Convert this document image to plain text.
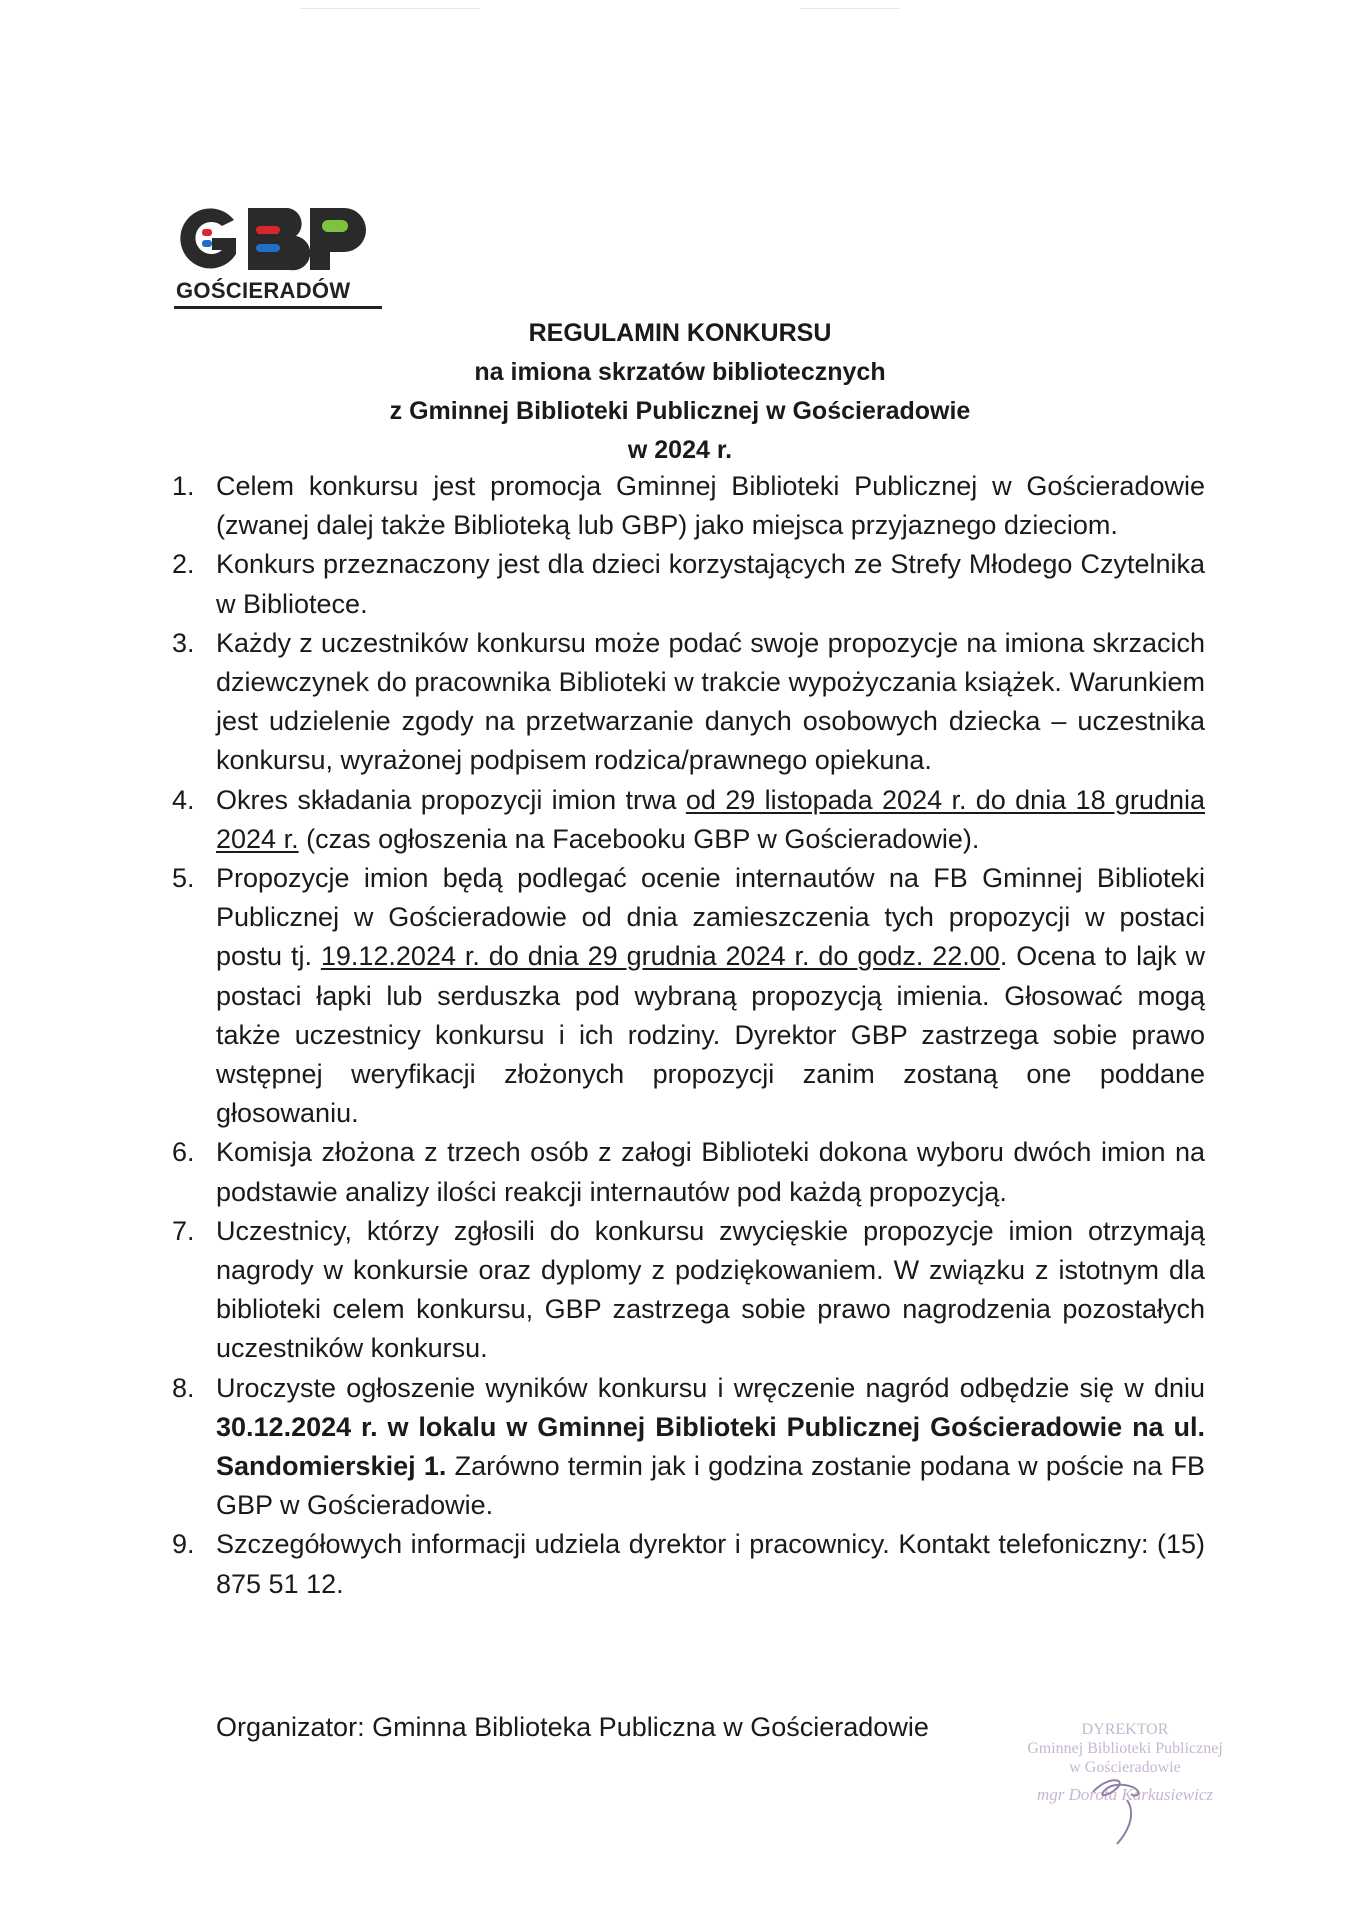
GOŚCIERADÓW
REGULAMIN KONKURSU
na imiona skrzatów bibliotecznych
z Gminnej Biblioteki Publicznej w Gościeradowie
w 2024 r.
1. Celem konkursu jest promocja Gminnej Biblioteki Publicznej w Gościeradowie (zwanej dalej także Biblioteką lub GBP) jako miejsca przyjaznego dzieciom.
2. Konkurs przeznaczony jest dla dzieci korzystających ze Strefy Młodego Czytelnika w Bibliotece.
3. Każdy z uczestników konkursu może podać swoje propozycje na imiona skrzacich dziewczynek do pracownika Biblioteki w trakcie wypożyczania książek. Warunkiem jest udzielenie zgody na przetwarzanie danych osobowych dziecka – uczestnika konkursu, wyrażonej podpisem rodzica/prawnego opiekuna.
4. Okres składania propozycji imion trwa od 29 listopada 2024 r. do dnia 18 grudnia 2024 r. (czas ogłoszenia na Facebooku GBP w Gościeradowie).
5. Propozycje imion będą podlegać ocenie internautów na FB Gminnej Biblioteki Publicznej w Gościeradowie od dnia zamieszczenia tych propozycji w postaci postu tj. 19.12.2024 r. do dnia 29 grudnia 2024 r. do godz. 22.00. Ocena to lajk w postaci łapki lub serduszka pod wybraną propozycją imienia. Głosować mogą także uczestnicy konkursu i ich rodziny. Dyrektor GBP zastrzega sobie prawo wstępnej weryfikacji złożonych propozycji zanim zostaną one poddane głosowaniu.
6. Komisja złożona z trzech osób z załogi Biblioteki dokona wyboru dwóch imion na podstawie analizy ilości reakcji internautów pod każdą propozycją.
7. Uczestnicy, którzy zgłosili do konkursu zwycięskie propozycje imion otrzymają nagrody w konkursie oraz dyplomy z podziękowaniem. W związku z istotnym dla biblioteki celem konkursu, GBP zastrzega sobie prawo nagrodzenia pozostałych uczestników konkursu.
8. Uroczyste ogłoszenie wyników konkursu i wręczenie nagród odbędzie się w dniu 30.12.2024 r. w lokalu w Gminnej Biblioteki Publicznej Gościeradowie na ul. Sandomierskiej 1. Zarówno termin jak i godzina zostanie podana w poście na FB GBP w Gościeradowie.
9. Szczegółowych informacji udziela dyrektor i pracownicy. Kontakt telefoniczny: (15) 875 51 12.
Organizator: Gminna Biblioteka Publiczna w Gościeradowie	DYREKTOR
Gminnej Biblioteki Publicznej
w Gościeradowie
mgr Dorota Karkusiewicz
